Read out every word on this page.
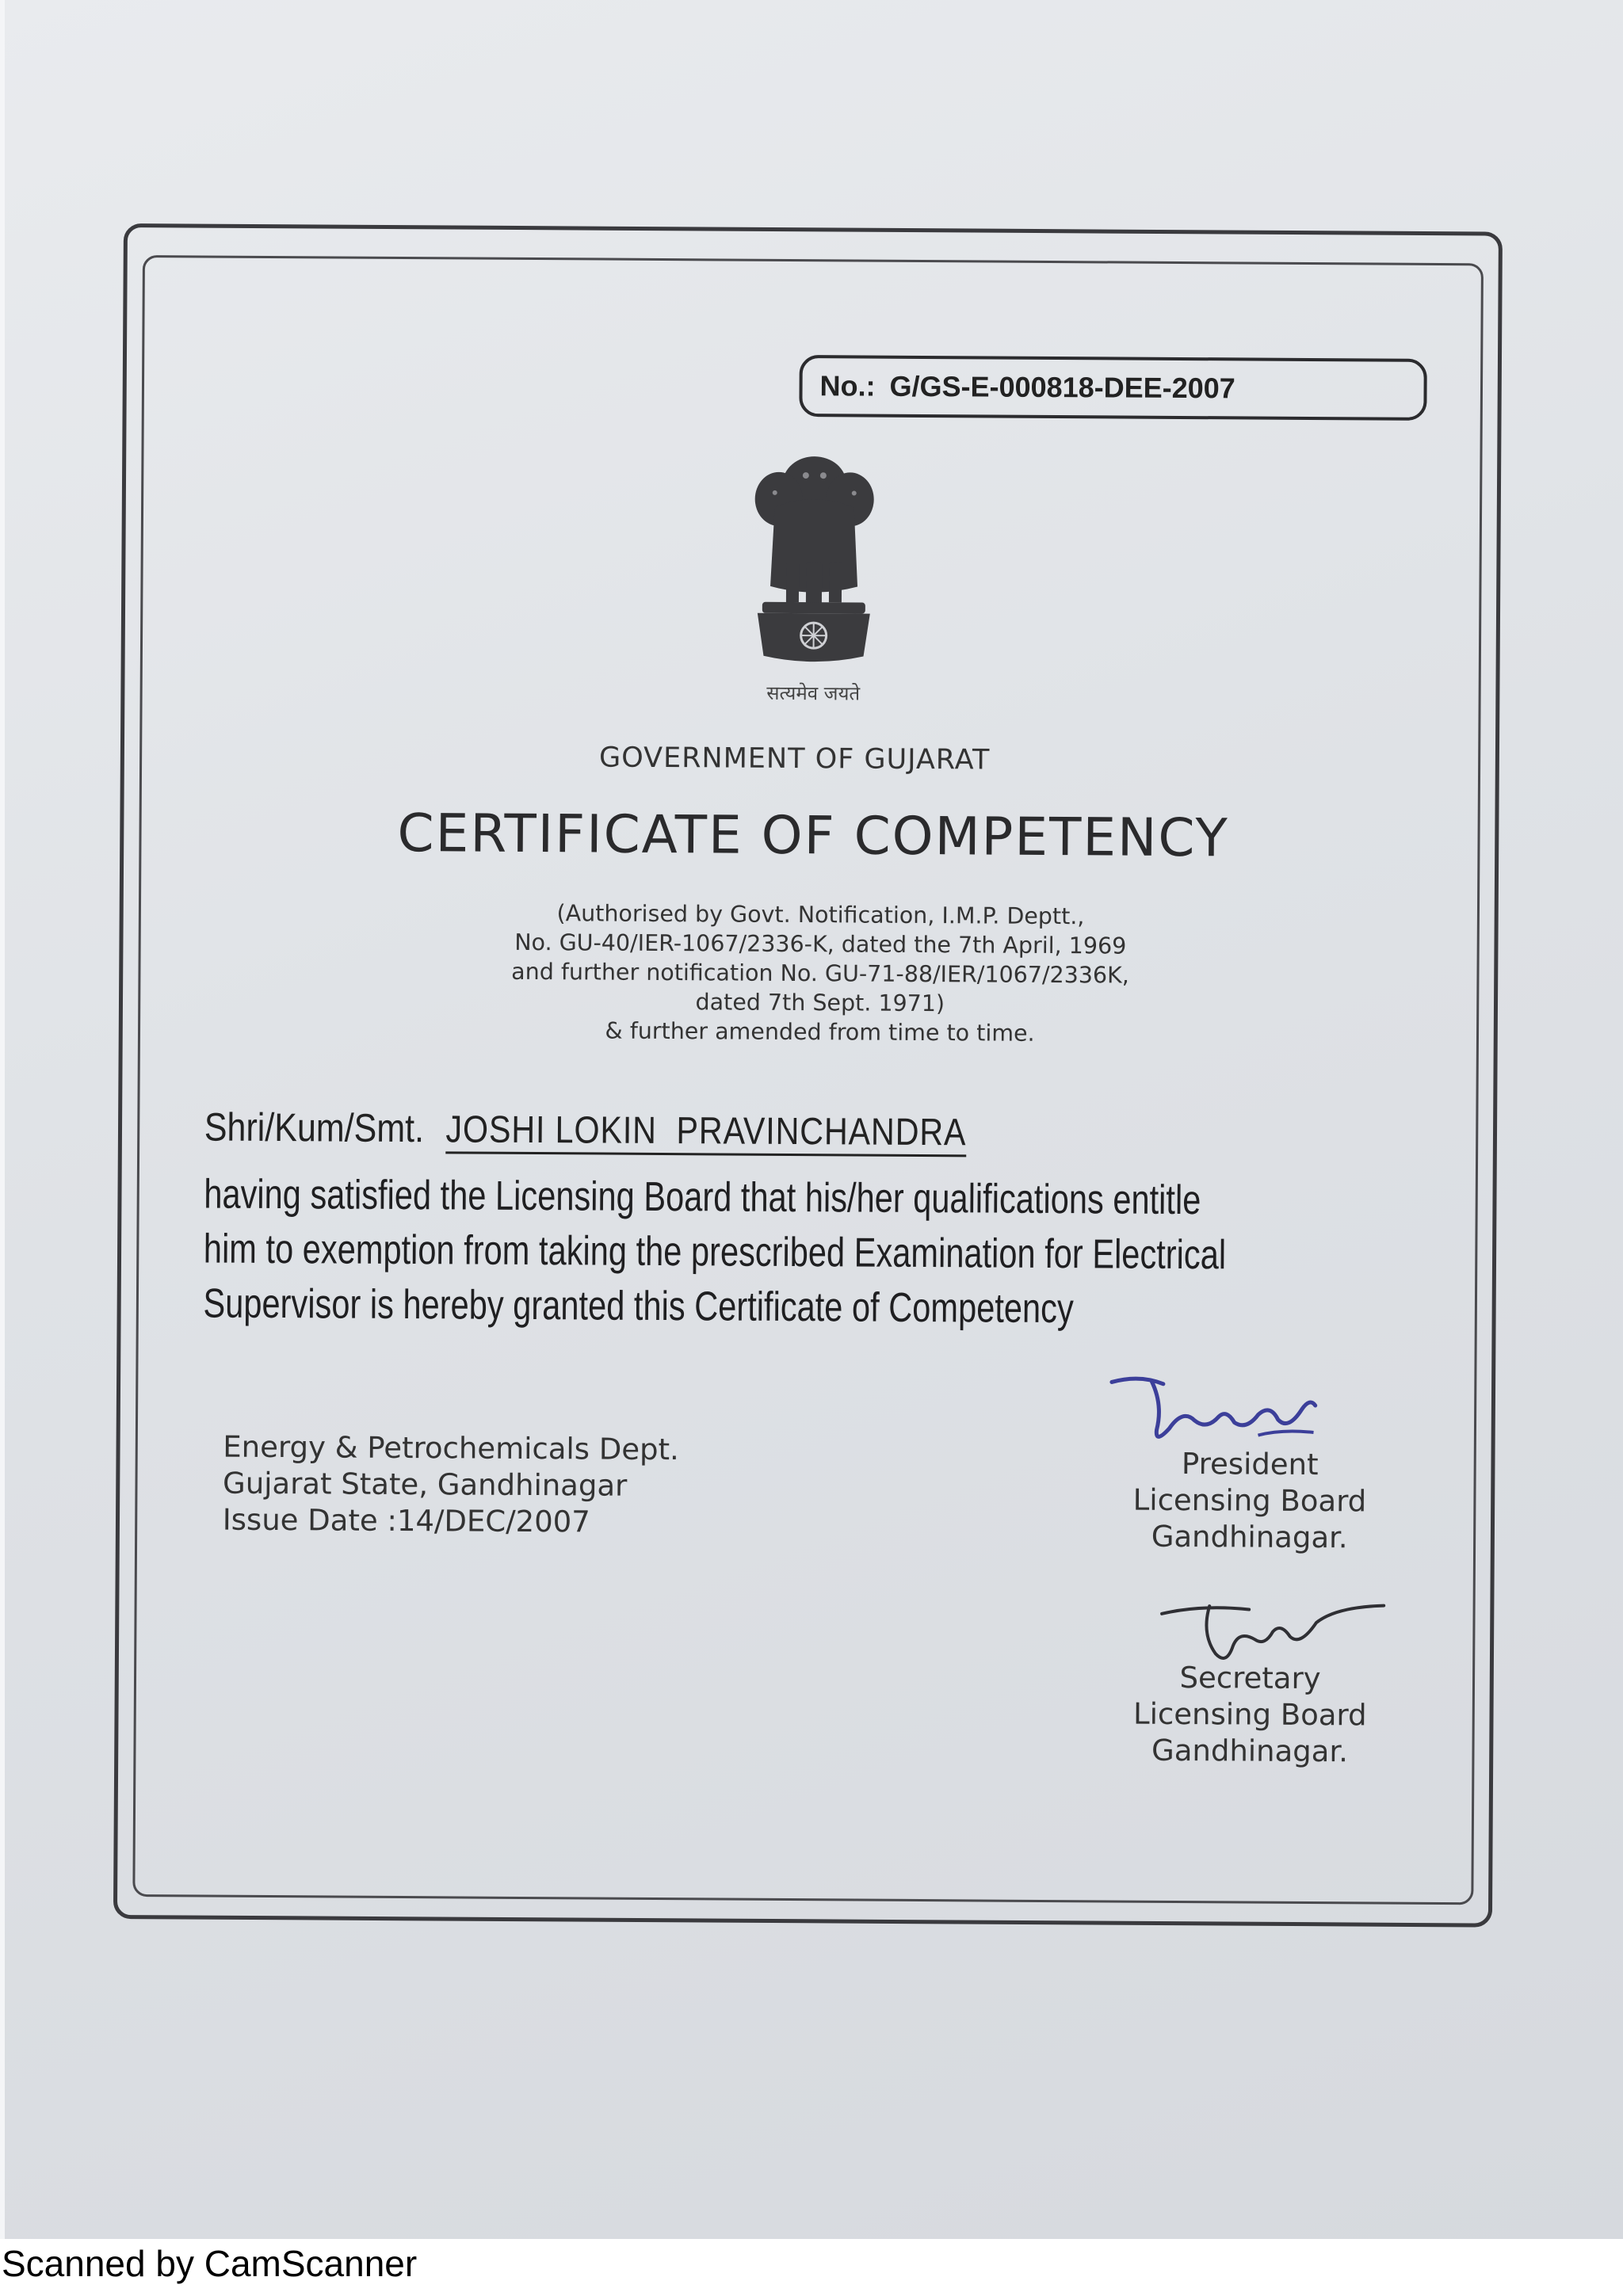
No.: G/GS-E-000818-DEE-2007
सत्यमेव जयते
GOVERNMENT OF GUJARAT
CERTIFICATE OF COMPETENCY
(Authorised by Govt. Notification, I.M.P. Deptt.,
No. GU-40/IER-1067/2336-K, dated the 7th April, 1969
and further notification No. GU-71-88/IER/1067/2336K,
dated 7th Sept. 1971)
& further amended from time to time.
Shri/Kum/Smt. JOSHI LOKIN  PRAVINCHANDRA
having satisfied the Licensing Board that his/her qualifications entitle
him to exemption from taking the prescribed Examination for Electrical
Supervisor is hereby granted this Certificate of Competency
Energy & Petrochemicals Dept.
Gujarat State, Gandhinagar
Issue Date :14/DEC/2007
President
Licensing Board
Gandhinagar.
Secretary
Licensing Board
Gandhinagar.
Scanned by CamScanner
